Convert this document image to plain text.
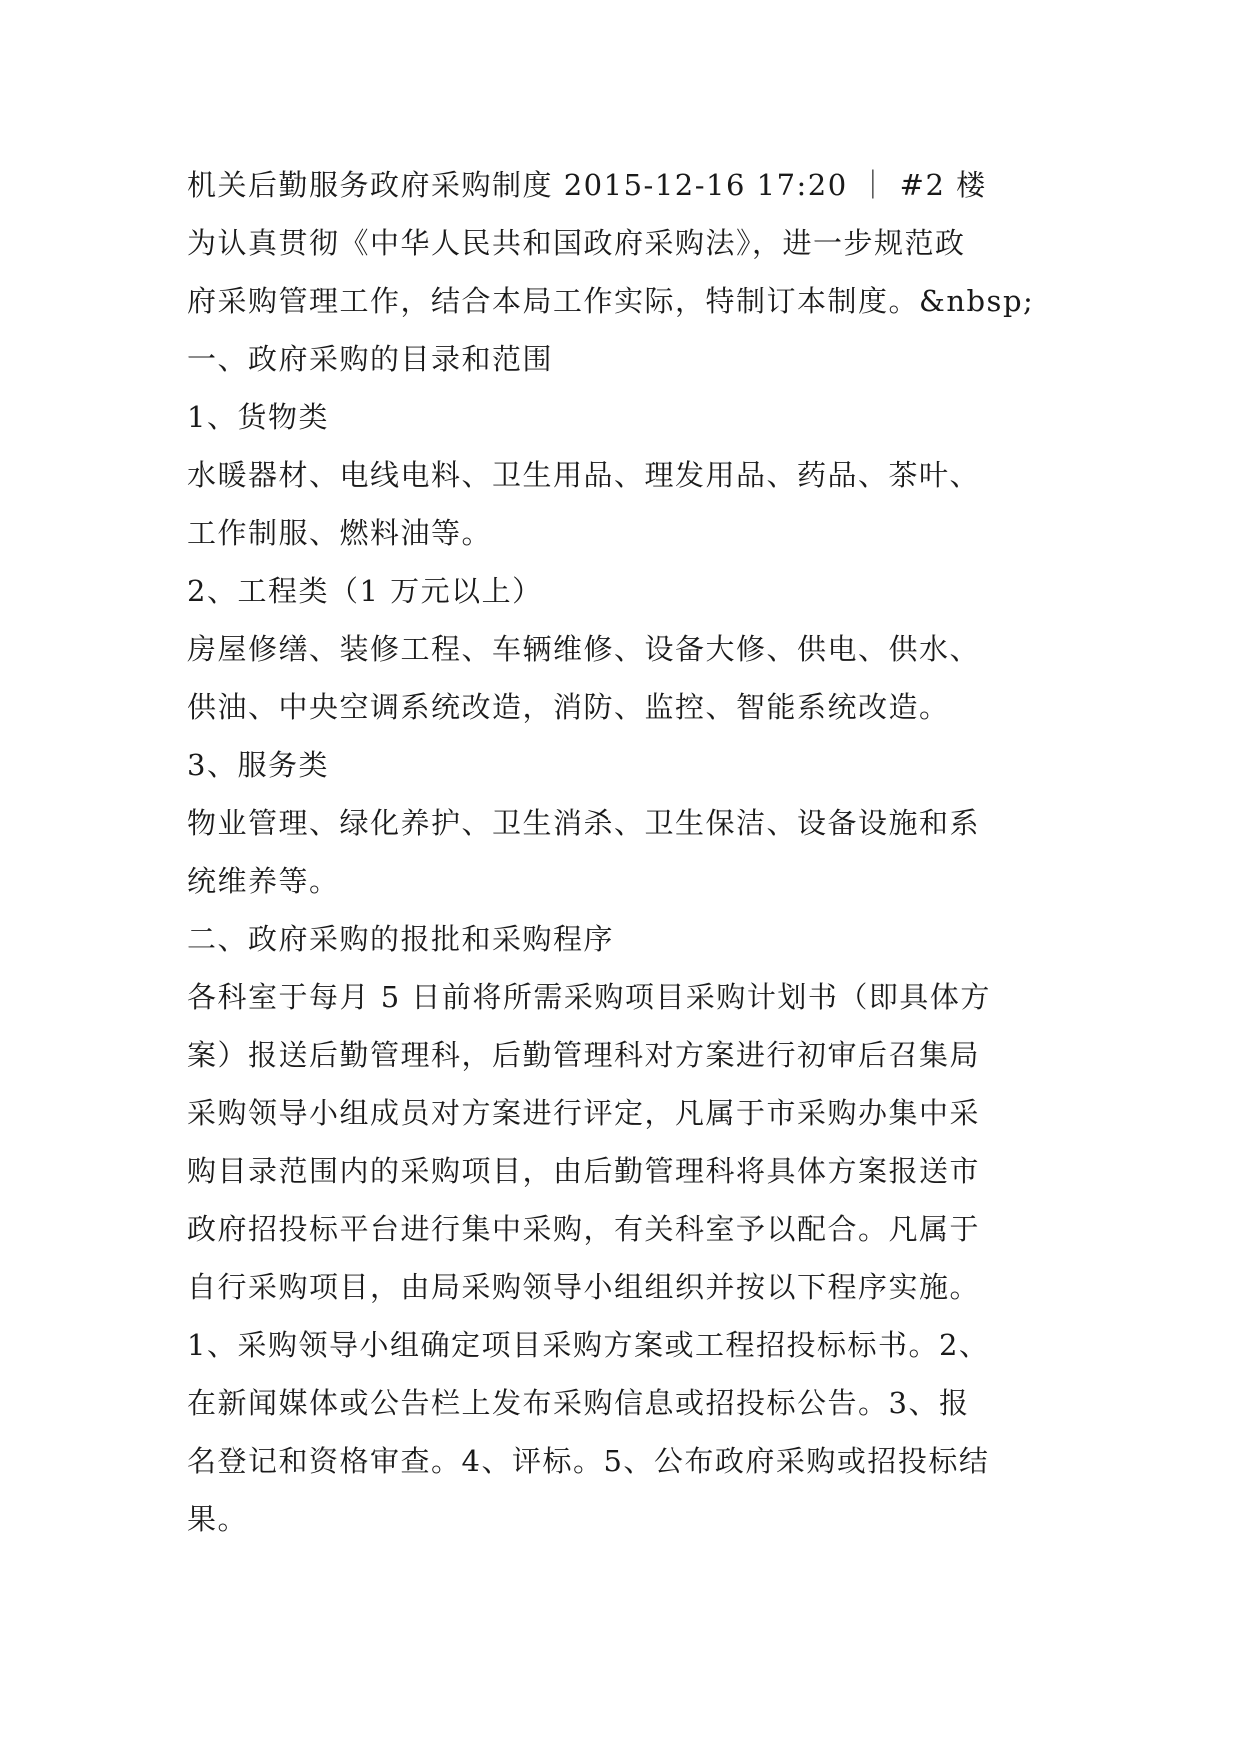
机关后勤服务政府采购制度 2015-12-16 17:20 ｜ #2 楼
为认真贯彻《中华人民共和国政府采购法》，进一步规范政
府采购管理工作，结合本局工作实际，特制订本制度。&nbsp;
一、政府采购的目录和范围
1、货物类
水暖器材、电线电料、卫生用品、理发用品、药品、茶叶、
工作制服、燃料油等。
2、工程类（1 万元以上）
房屋修缮、装修工程、车辆维修、设备大修、供电、供水、
供油、中央空调系统改造，消防、监控、智能系统改造。
3、服务类
物业管理、绿化养护、卫生消杀、卫生保洁、设备设施和系
统维养等。
二、政府采购的报批和采购程序
各科室于每月 5 日前将所需采购项目采购计划书（即具体方
案）报送后勤管理科，后勤管理科对方案进行初审后召集局
采购领导小组成员对方案进行评定，凡属于市采购办集中采
购目录范围内的采购项目，由后勤管理科将具体方案报送市
政府招投标平台进行集中采购，有关科室予以配合。凡属于
自行采购项目，由局采购领导小组组织并按以下程序实施。
1、采购领导小组确定项目采购方案或工程招投标标书。2、
在新闻媒体或公告栏上发布采购信息或招投标公告。3、报
名登记和资格审查。4、评标。5、公布政府采购或招投标结
果。
